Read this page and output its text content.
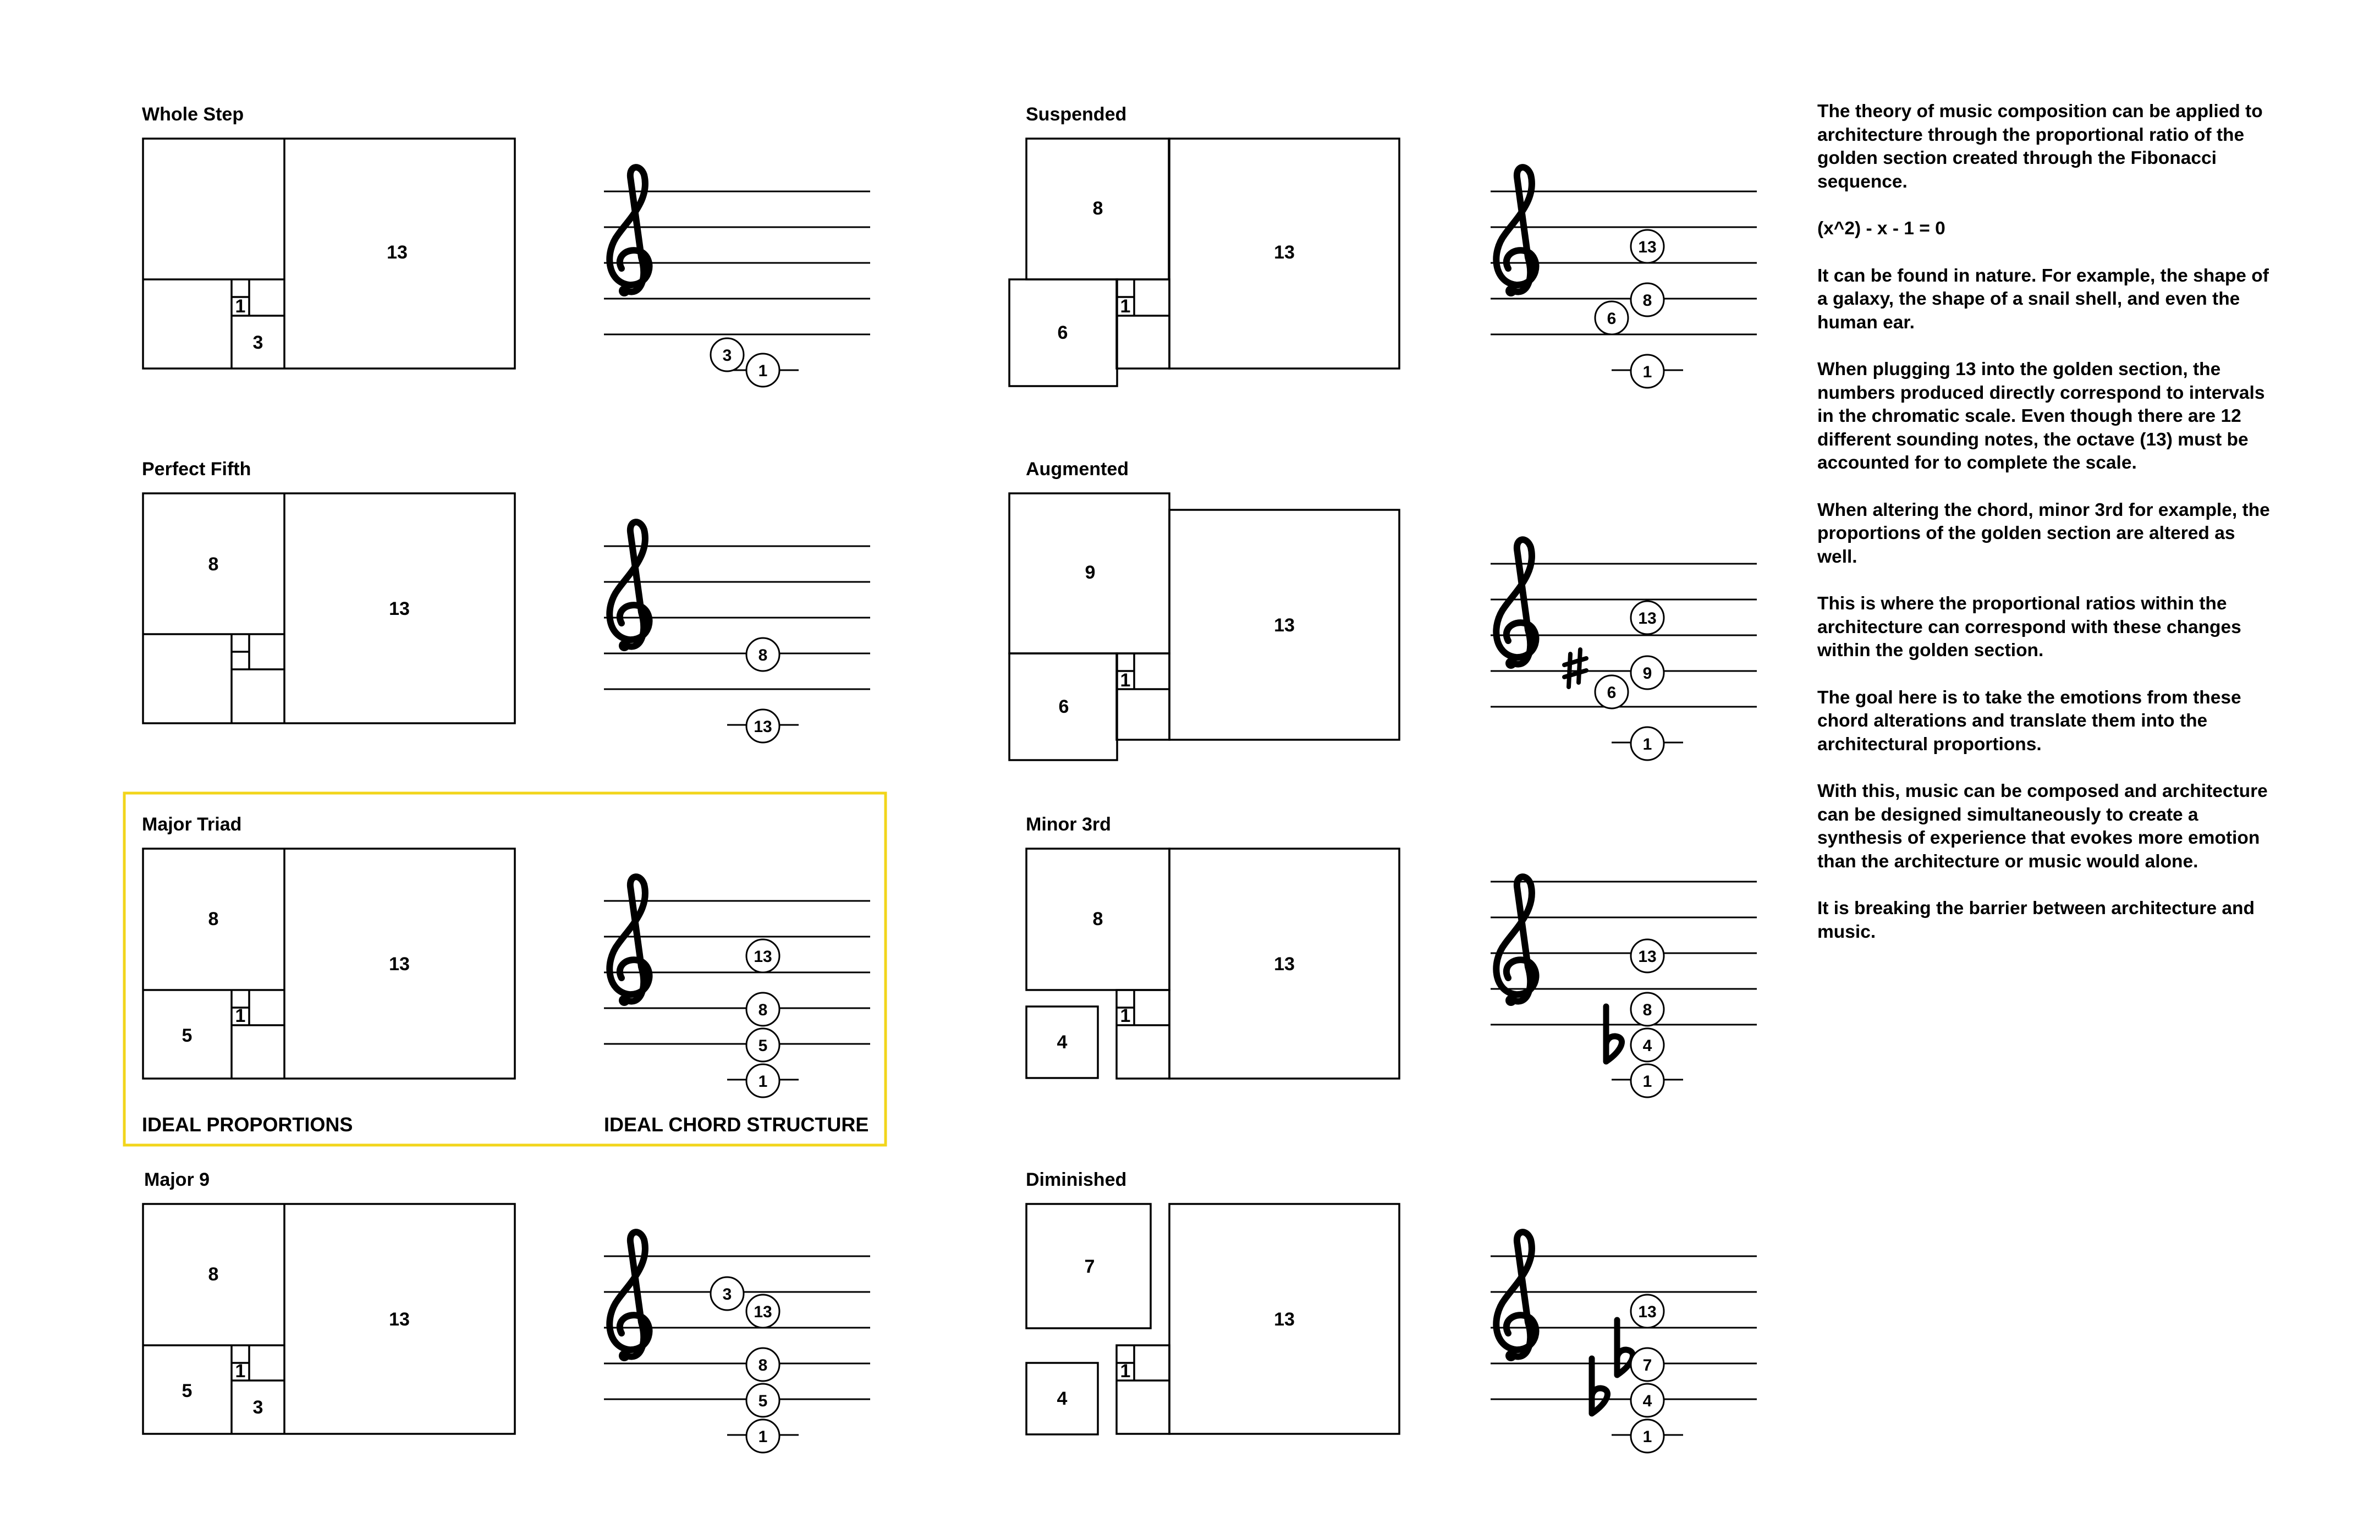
Whole Step
13
1
3
3
1
Perfect Fifth
8
13
8
13
Major Triad
8
13
5
1
13
8
5
1
IDEAL PROPORTIONS	IDEAL CHORD STRUCTURE
Major 9
8
13
5
1
3
3
13
8
5
1
Suspended
8
13
6
1
13
8
6
1
Augmented
9
13
6
1
13
9
6
1
Minor 3rd
8
13
4
1
13
8
4
1
Diminished
7
13
4
1
13
7
4
1

The theory of music composition can be applied to architecture through the proportional ratio of the golden section created through the Fibonacci sequence.

(x^2) - x - 1 = 0

It can be found in nature. For example, the shape of a galaxy, the shape of a snail shell, and even the human ear.

When plugging 13 into the golden section, the numbers produced directly correspond to intervals in the chromatic scale. Even though there are 12 different sounding notes, the octave (13) must be accounted for to complete the scale.

When altering the chord, minor 3rd for example, the proportions of the golden section are altered as well.

This is where the proportional ratios within the architecture can correspond with these changes within the golden section.

The goal here is to take the emotions from these chord alterations and translate them into the architectural proportions.

With this, music can be composed and architecture can be designed simultaneously to create a synthesis of experience that evokes more emotion than the architecture or music would alone.

It is breaking the barrier between architecture and music.
